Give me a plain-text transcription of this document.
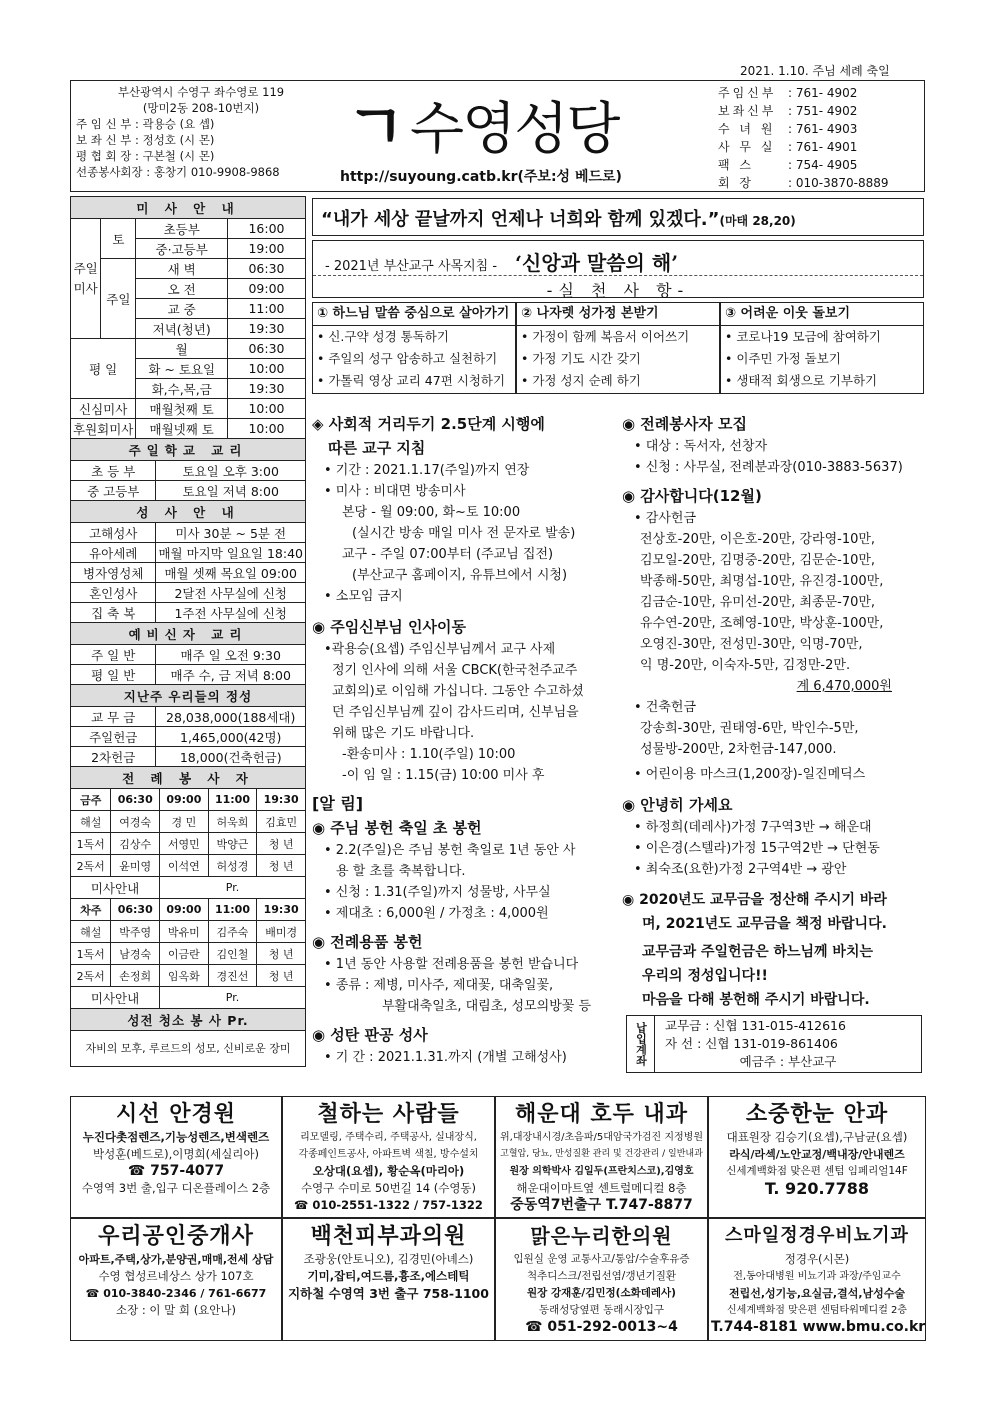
2021. 1.10. 주님 세례 축일
부산광역시 수영구 좌수영로 119
(망미2동 208-10번지)
주 임 신 부 : 곽용승 (요 셉)
보 좌 신 부 : 정성호 (시 몬)
평 협 회 장 : 구본철 (시 몬)
선종봉사회장 : 홍창기 010-9908-9868
ㄱ 수영성당
http://suyoung.catb.kr(주보:성 베드로)
주임신부 : 761- 4902
보좌신부 : 751- 4902
수 녀 원	: 761- 4903
사 무 실	: 761- 4901
팩 스	: 754- 4905
회 장	: 010-3870-8889
미 사 안 내
주일미사	토	초등부	16:00
		중·고등부	19:00
	주일	새 벽	06:30
		오 전	09:00
		교 중	11:00
		저녁(청년)	19:30
평 일		월	06:30
		화 ~ 토요일	10:00
		화,수,목,금	19:30
신심미사		매월첫째 토	10:00
후원회미사		매월넷째 토	10:00
주일학교 교리	
초 등 부	토요일 오후 3:00
중 고등부	토요일 저녁 8:00
성 사 안 내	
고해성사	미사 30분 ~ 5분 전
유아세례	매월 마지막 일요일 18:40
병자영성체	매월 셋째 목요일 09:00
혼인성사	2달전 사무실에 신청
집 축 복	1주전 사무실에 신청
예비신자 교리	
주 일 반	매주 일 오전 9:30
평 일 반	매주 수, 금 저녁 8:00
지난주 우리들의 정성	
교 무 금	28,038,000(188세대)
주일헌금	1,465,000(42명)
2차헌금	18,000(건축헌금)
전 례 봉 사 자				
금주	06:30	09:00	11:00	19:30
해설	여경숙	경 민	허욱희	김효민
1독서	김상수	서영민	박양근	청 년
2독서	윤미영	이석연	허성경	청 년
미사안내		Pr.		
차주	06:30	09:00	11:00	19:30
해설	박주영	박유미	김주숙	배미경
1독서	남경숙	이금란	김인철	청 년
2독서	손정희	임옥화	경진선	청 년
미사안내		Pr.		
성전 청소 봉 사 Pr.				
자비의 모후, 루르드의 성모, 신비로운 장미				
“내가 세상 끝날까지 언제나 너희와 함께 있겠다.”(마태 28,20)
- 2021년 부산교구 사목지침 - ‘신앙과 말씀의 해’
-실 천 사 항-
① 하느님 말씀 중심으로 살아가기
• 신.구약 성경 통독하기
• 주일의 성구 암송하고 실천하기
• 가톨릭 영상 교리 47편 시청하기
② 나자렛 성가정 본받기
• 가정이 함께 복음서 이어쓰기
• 가정 기도 시간 갖기
• 가정 성지 순례 하기
③ 어려운 이웃 돌보기
• 코로나19 모금에 참여하기
• 이주민 가정 돌보기
• 생태적 회생으로 기부하기
◈ 사회적 거리두기 2.5단계 시행에
따른 교구 지침
• 기간 : 2021.1.17(주일)까지 연장
• 미사 : 비대면 방송미사
본당 - 월 09:00, 화~토 10:00
(실시간 방송 매일 미사 전 문자로 발송)
교구 - 주일 07:00부터 (주교님 집전)
(부산교구 홈페이지, 유튜브에서 시청)
• 소모임 금지
◉ 주임신부님 인사이동
•곽용승(요셉) 주임신부님께서 교구 사제
정기 인사에 의해 서울 CBCK(한국천주교주
교회의)로 이임해 가십니다. 그동안 수고하셨
던 주임신부님께 깊이 감사드리며, 신부님을
위해 많은 기도 바랍니다.
-환송미사 : 1.10(주일) 10:00
-이 임 일 : 1.15(금) 10:00 미사 후
[알 림]
◉ 주님 봉헌 축일 초 봉헌
• 2.2(주일)은 주님 봉헌 축일로 1년 동안 사
용 할 초를 축복합니다.
• 신청 : 1.31(주일)까지 성물방, 사무실
• 제대초 : 6,000원 / 가정초 : 4,000원
◉ 전례용품 봉헌
• 1년 동안 사용할 전례용품을 봉헌 받습니다
• 종류 : 제병, 미사주, 제대꽃, 대축일꽃,
부활대축일초, 대림초, 성모의방꽃 등
◉ 성탄 판공 성사
• 기 간 : 2021.1.31.까지 (개별 고해성사)
◉ 전례봉사자 모집
• 대상 : 독서자, 선창자
• 신청 : 사무실, 전례분과장(010-3883-5637)
◉ 감사합니다(12월)
• 감사헌금
전상호-20만, 이은호-20만, 강라영-10만,
김모일-20만, 김명중-20만, 김문순-10만,
박종해-50만, 최명섭-10만, 유진경-100만,
김금순-10만, 유미선-20만, 최종문-70만,
유수연-20만, 조혜영-10만, 박상훈-100만,
오영진-30만, 전성민-30만, 익명-70만,
익 명-20만, 이숙자-5만, 김정만-2만.
계 6,470,000원
• 건축헌금
강송희-30만, 권태영-6만, 박인수-5만,
성물방-200만, 2차헌금-147,000.
• 어린이용 마스크(1,200장)-일진메딕스
◉ 안녕히 가세요
• 하정희(데레사)가정 7구역3반 → 해운대
• 이은경(스텔라)가정 15구역2반 → 단현동
• 최숙조(요한)가정 2구역4반 → 광안
◉ 2020년도 교무금을 정산해 주시기 바라
며, 2021년도 교무금을 책정 바랍니다.
교무금과 주일헌금은 하느님께 바치는
우리의 정성입니다!!
마음을 다해 봉헌해 주시기 바랍니다.
납입계좌	교무금 : 신협 131-015-412616
자 선 : 신협 131-019-861406
예금주 : 부산교구
시선 안경원
누진다촛점렌즈,기능성렌즈,변색렌즈
박성훈(베드로),이명희(세실리아)
☎ 757-4077
수영역 3번 출,입구 디온플레이스 2층
철하는 사람들
리모델링, 주택수리, 주택공사, 실내장식,
각종페인트공사, 아파트벽 색칠, 방수설치
오상대(요셉), 황순옥(마리아)
수영구 수미로 50번길 14 (수영동)
☎ 010-2551-1322 / 757-1322
해운대 호두 내과
위,대장내시경/초음파/5대암국가검진 지정병원
고혈압, 당뇨, 만성질환 관리 및 건강관리 / 일반내과
원장 의학박사 김일두(프란치스코),김영호
해운대이마트옆 센트럴메디컬 8층
중동역7번출구 T.747-8877
소중한눈 안과
대표원장 김승기(요셉),구남균(요셉)
라식/라섹/노안교정/백내장/안내렌즈
신세계백화점 맞은편 센텀 임페리얼14F
T. 920.7788
우리공인중개사
아파트,주택,상가,분양권,매매,전세 상담
수영 협성르네상스 상가 107호
☎ 010-3840-2346 / 761-6677
소장 : 이 말 희 (요안나)
백천피부과의원
조광웅(안토니오), 김경민(아녜스)
기미,잡티,여드름,흉조,에스테틱
지하철 수영역 3번 출구 758-1100
맑은누리한의원
입원실 운영 교통사고/통암/수술후유증
척추디스크/전립선염/갱년기질환
원장 강재훈/김민정(소화데레사)
동래성당옆편 동래시장입구
☎ 051-292-0013~4
스마일정경우비뇨기과
정경우(시몬)
전,동아대병원 비뇨기과 과장/주임교수
전립선,성기능,요실금,결석,남성수술
신세계백화점 맞은편 센텀타워메디컬 2층
T.744-8181 www.bmu.co.kr
